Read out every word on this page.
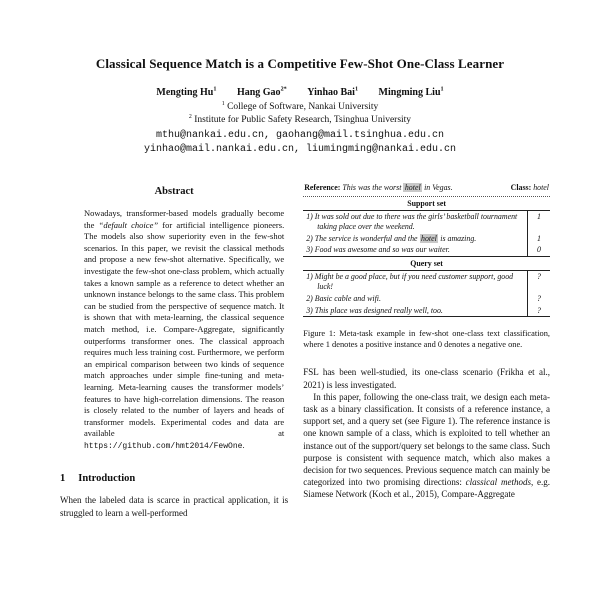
Classical Sequence Match is a Competitive Few-Shot One-Class Learner
Mengting Hu$^1$ Hang Gao$^{2*}$ Yinhao Bai$^1$ Mingming Liu$^1$
$^1$ College of Software, Nankai University
$^2$ Institute for Public Safety Research, Tsinghua University
mthu@nankai.edu.cn, gaohang@mail.tsinghua.edu.cn
yinhao@mail.nankai.edu.cn, liumingming@nankai.edu.cn
Abstract

Nowadays, transformer-based models gradually become the “default choice” for artificial intelligence pioneers. The models also show superiority even in the few-shot scenarios. In this paper, we revisit the classical methods and propose a new few-shot alternative. Specifically, we investigate the few-shot one-class problem, which actually takes a known sample as a reference to detect whether an unknown instance belongs to the same class. This problem can be studied from the perspective of sequence match. It is shown that with meta-learning, the classical sequence match method, i.e. Compare-Aggregate, significantly outperforms transformer ones. The classical approach requires much less training cost. Furthermore, we perform an empirical comparison between two kinds of sequence match approaches under simple fine-tuning and meta-learning. Meta-learning causes the transformer models’ features to have high-correlation dimensions. The reason is closely related to the number of layers and heads of transformer models. Experimental codes and data are available at https://github.com/hmt2014/FewOne.

1 Introduction

When the labeled data is scarce in practical application, it is struggled to learn a well-performed

Reference: This was the worst hotel in Vegas.	Class: hotel
Support set
1) It was sold out due to there was the girls’ basketball tournament taking place over the weekend.
1
2) The service is wonderful and the hotel is amazing.	1
3) Food was awesome and so was our waiter.	0
Query set
1) Might be a good place, but if you need customer support, good luck!
?
2) Basic cable and wifi.	?
3) This place was designed really well, too.	?
Figure 1: Meta-task example in few-shot one-class text classification, where 1 denotes a positive instance and 0 denotes a negative one.

FSL has been well-studied, its one-class scenario (Frikha et al., 2021) is less investigated.

In this paper, following the one-class trait, we design each meta-task as a binary classification. It consists of a reference instance, a support set, and a query set (see Figure 1). The reference instance is one known sample of a class, which is exploited to tell whether an instance out of the support/query set belongs to the same class. Such purpose is consistent with sequence match, which also makes a decision for two sequences. Previous sequence match can mainly be categorized into two promising directions: classical methods, e.g. Siamese Network (Koch et al., 2015), Compare-Aggregate
